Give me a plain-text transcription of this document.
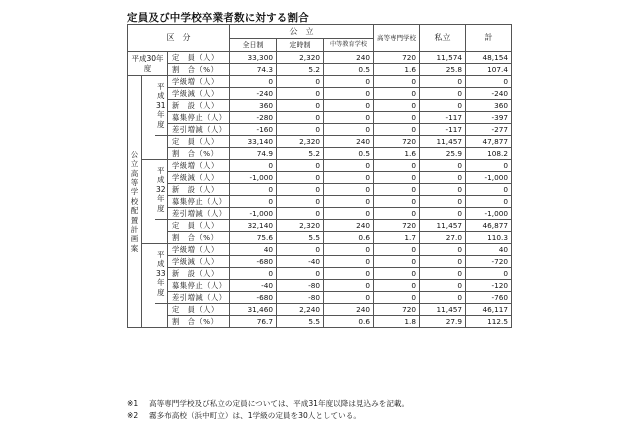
定員及び中学校卒業者数に対する割合
区　分				公　立			高等専門学校	私立	計
				全日制	定時制	中等教育学校			
平成30年度			定　員（人）	33,300	2,320	240	720	11,574	48,154
			割　合（%）	74.3	5.2	0.5	1.6	25.8	107.4
公立高等学校配置計画案		平成31年度	学級増（人）	0	0	0	0	0	0
			学級減（人）	-240	0	0	0	0	-240
			新　設（人）	360	0	0	0	0	360
			募集停止（人）	-280	0	0	0	-117	-397
			差引増減（人）	-160	0	0	0	-117	-277
			定　員（人）	33,140	2,320	240	720	11,457	47,877
			割　合（%）	74.9	5.2	0.5	1.6	25.9	108.2
		平成32年度	学級増（人）	0	0	0	0	0	0
			学級減（人）	-1,000	0	0	0	0	-1,000
			新　設（人）	0	0	0	0	0	0
			募集停止（人）	0	0	0	0	0	0
			差引増減（人）	-1,000	0	0	0	0	-1,000
			定　員（人）	32,140	2,320	240	720	11,457	46,877
			割　合（%）	75.6	5.5	0.6	1.7	27.0	110.3
		平成33年度	学級増（人）	40	0	0	0	0	40
			学級減（人）	-680	-40	0	0	0	-720
			新　設（人）	0	0	0	0	0	0
			募集停止（人）	-40	-80	0	0	0	-120
			差引増減（人）	-680	-80	0	0	0	-760
			定　員（人）	31,460	2,240	240	720	11,457	46,117
			割　合（%）	76.7	5.5	0.6	1.8	27.9	112.5
※1 高等専門学校及び私立の定員については、平成31年度以降は見込みを記載。
※2 霧多布高校（浜中町立）は、1学級の定員を30人としている。
